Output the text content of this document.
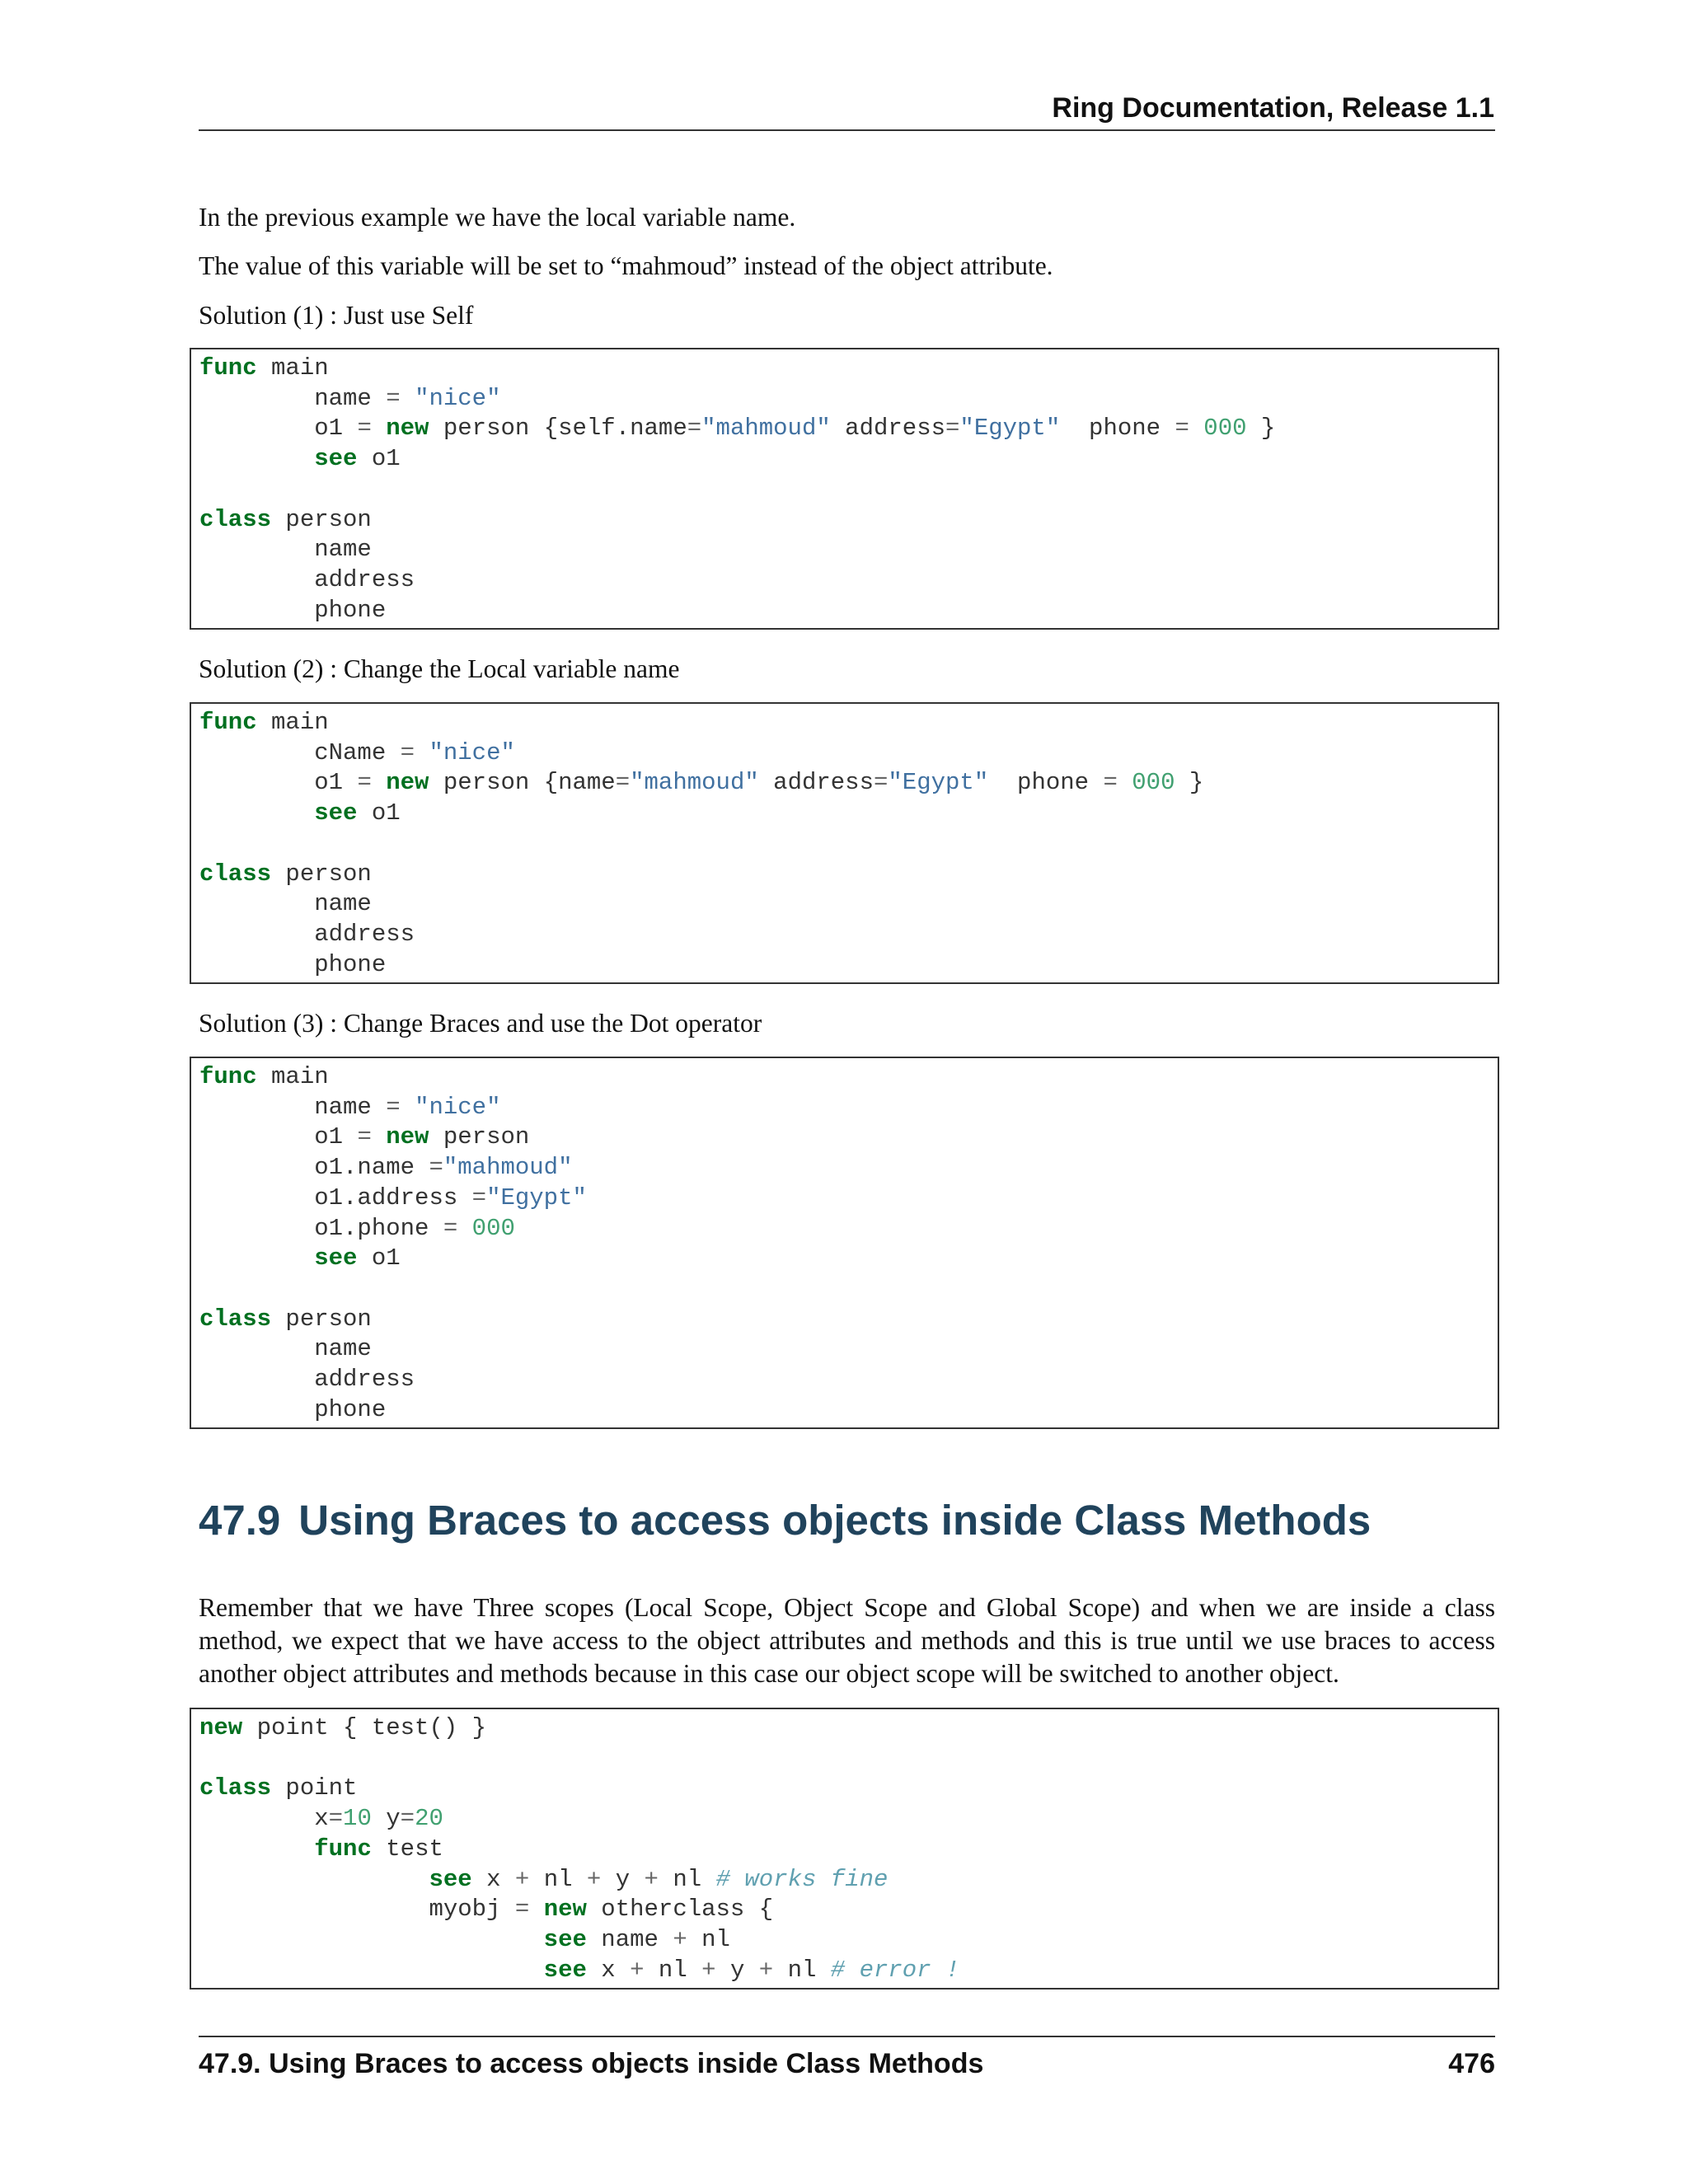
Ring Documentation, Release 1.1

In the previous example we have the local variable name.

The value of this variable will be set to “mahmoud” instead of the object attribute.

Solution (1) : Just use Self

func main
name = "nice"
o1 = new person {self.name="mahmoud" address="Egypt"  phone = 000 }
see o1

class person
name
address
phone

Solution (2) : Change the Local variable name

func main
cName = "nice"
o1 = new person {name="mahmoud" address="Egypt"  phone = 000 }
see o1

class person
name
address
phone

Solution (3) : Change Braces and use the Dot operator

func main
name = "nice"
o1 = new person
o1.name ="mahmoud"
o1.address ="Egypt"
o1.phone = 000
see o1

class person
name
address
phone
47.9 Using Braces to access objects inside Class Methods

Remember that we have Three scopes (Local Scope, Object Scope and Global Scope) and when we are inside a class method, we expect that we have access to the object attributes and methods and this is true until we use braces to access another object attributes and methods because in this case our object scope will be switched to another object.

new point { test() }

class point
x=10 y=20
func test
see x + nl + y + nl # works fine
myobj = new otherclass {
see name + nl
see x + nl + y + nl # error !
47.9. Using Braces to access objects inside Class Methods	476
